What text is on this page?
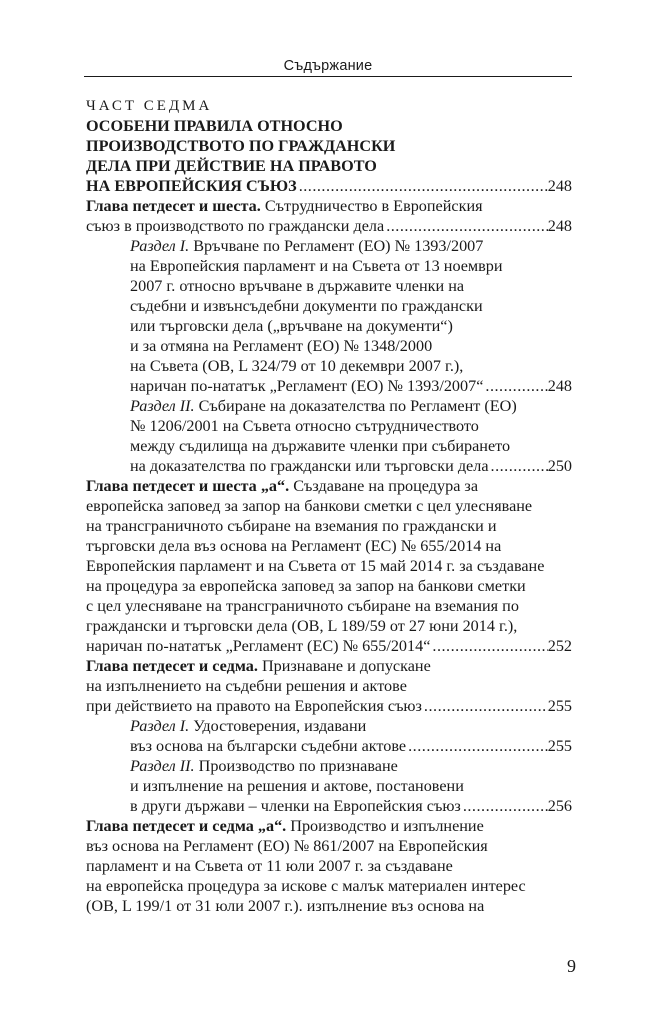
Съдържание
ЧАСТ СЕДМА
ОСОБЕНИ ПРАВИЛА ОТНОСНО
ПРОИЗВОДСТВОТО ПО ГРАЖДАНСКИ
ДЕЛА ПРИ ДЕЙСТВИЕ НА ПРАВОТО
НА ЕВРОПЕЙСКИЯ СЪЮЗ .....	248
Глава петдесет и шеста. Сътрудничество в Европейския
съюз в производството по граждански дела .....	248
Раздел I. Връчване по Регламент (ЕО) № 1393/2007
на Европейския парламент и на Съвета от 13 ноември
2007 г. относно връчване в държавите членки на
съдебни и извънсъдебни документи по граждански
или търговски дела („връчване на документи“)
и за отмяна на Регламент (ЕО) № 1348/2000
на Съвета (ОВ, L 324/79 от 10 декември 2007 г.),
наричан по-нататък „Регламент (ЕО) № 1393/2007“ .....	248
Раздел II. Събиране на доказателства по Регламент (ЕО)
№ 1206/2001 на Съвета относно сътрудничеството
между съдилища на държавите членки при събирането
на доказателства по граждански или търговски дела .....	250
Глава петдесет и шеста „а“. Създаване на процедура за
европейска заповед за запор на банкови сметки с цел улесняване
на трансграничното събиране на вземания по граждански и
търговски дела въз основа на Регламент (ЕС) № 655/2014 на
Европейския парламент и на Съвета от 15 май 2014 г. за създаване
на процедура за европейска заповед за запор на банкови сметки
с цел улесняване на трансграничното събиране на вземания по
граждански и търговски дела (ОВ, L 189/59 от 27 юни 2014 г.),
наричан по-нататък „Регламент (ЕС) № 655/2014“ .....	252
Глава петдесет и седма. Признаване и допускане
на изпълнението на съдебни решения и актове
при действието на правото на Европейския съюз .....	255
Раздел I. Удостоверения, издавани
въз основа на български съдебни актове .....	255
Раздел II. Производство по признаване
и изпълнение на решения и актове, постановени
в други държави – членки на Европейския съюз .....	256
Глава петдесет и седма „а“. Производство и изпълнение
въз основа на Регламент (ЕО) № 861/2007 на Европейския
парламент и на Съвета от 11 юли 2007 г. за създаване
на европейска процедура за искове с малък материален интерес
(ОВ, L 199/1 от 31 юли 2007 г.). изпълнение въз основа на
9
